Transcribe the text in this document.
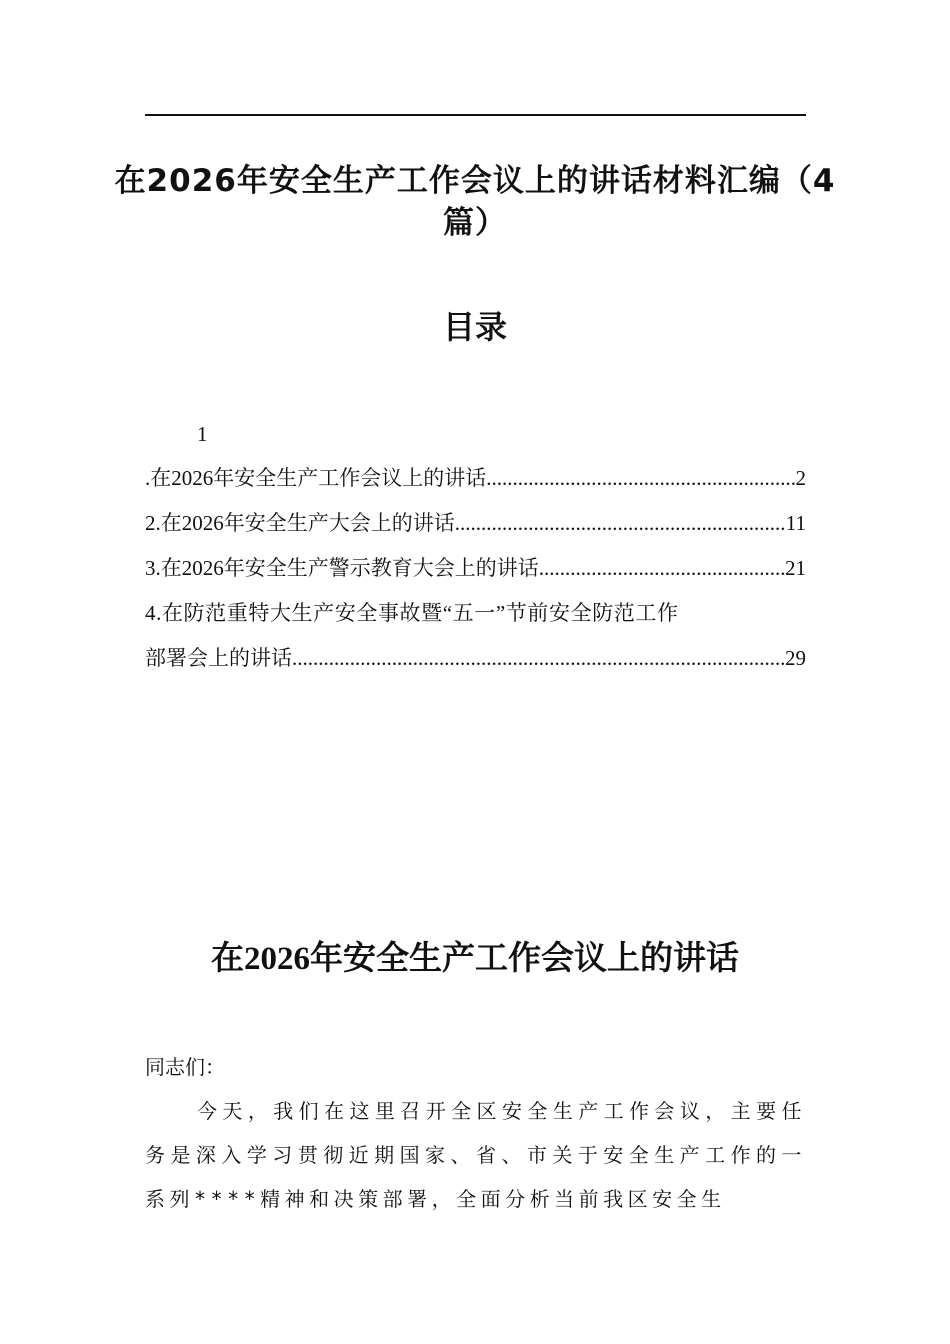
在2026年安全生产工作会议上的讲话材料汇编（4篇）
目录
1
.在2026年安全生产工作会议上的讲话 .....	2
2.在2026年安全生产大会上的讲话 .....	11
3.在2026年安全生产警示教育大会上的讲话 .....	21
4.在防范重特大生产安全事故暨“五一”节前安全防范工作
部署会上的讲话 .....	29
在2026年安全生产工作会议上的讲话
同志们：
今天，我们在这里召开全区安全生产工作会议，主要任务是深入学习贯彻近期国家、省、市关于安全生产工作的一系列****精神和决策部署，全面分析当前我区安全生
